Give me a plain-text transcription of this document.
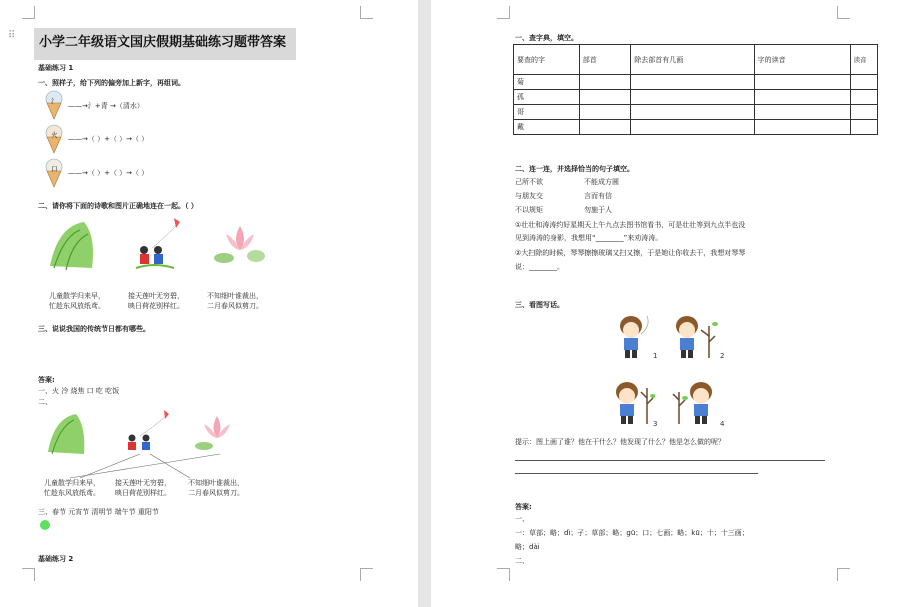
⠿	小学二年级语文国庆假期基础练习题带答案
基础练习 1
一、照样子，给下列的偏旁加上新字，再组词。
氵
——→氵+青 →（清水）
火 ——→（ ）+（ ）→（ ）
口 ——→（ ）+（ ）→（ ）
二、请你将下面的诗歌和图片正确地连在一起。（ ）
儿童散学归来早，
忙趁东风放纸鸢。
接天莲叶无穷碧，
映日荷花别样红。
不知细叶谁裁出，
二月春风似剪刀。
三、说说我国的传统节日都有哪些。
答案:
一、火 冷 烧焦 口 吃 吃饭
二、
儿童散学归来早，
忙趁东风放纸鸢。
接天莲叶无穷碧，
映日荷花别样红。
不知细叶谁裁出，
二月春风似剪刀。
三、春节 元宵节 清明节 端午节 重阳节
基础练习 2
一、查字典，填空。
要查的字	部首	除去部首有几画	字的读音	读音
菊				
孤				
哥				
戴				
二、连一连，并选择恰当的句子填空。
己所不欲
与朋友交
不以规矩
不能成方圆
言而有信
勿施于人
①壮壮和涛涛约好星期天上午九点去图书馆看书，可是壮壮等到九点半也没
见到涛涛的身影，我想用“________”来劝涛涛。
②大扫除的时候，琴琴擦擦玻璃又扫又擦，于是她让你收去干，我想对琴琴
说：________。
三、看图写话。
1	2
3	4
提示：图上画了谁？他在干什么？他发现了什么？他是怎么做的呢？
答案:
一、
一：草部；略；dì；孑；草部；略；gū；口；七画；略；kū；十；十三画；
略；dài
二、
